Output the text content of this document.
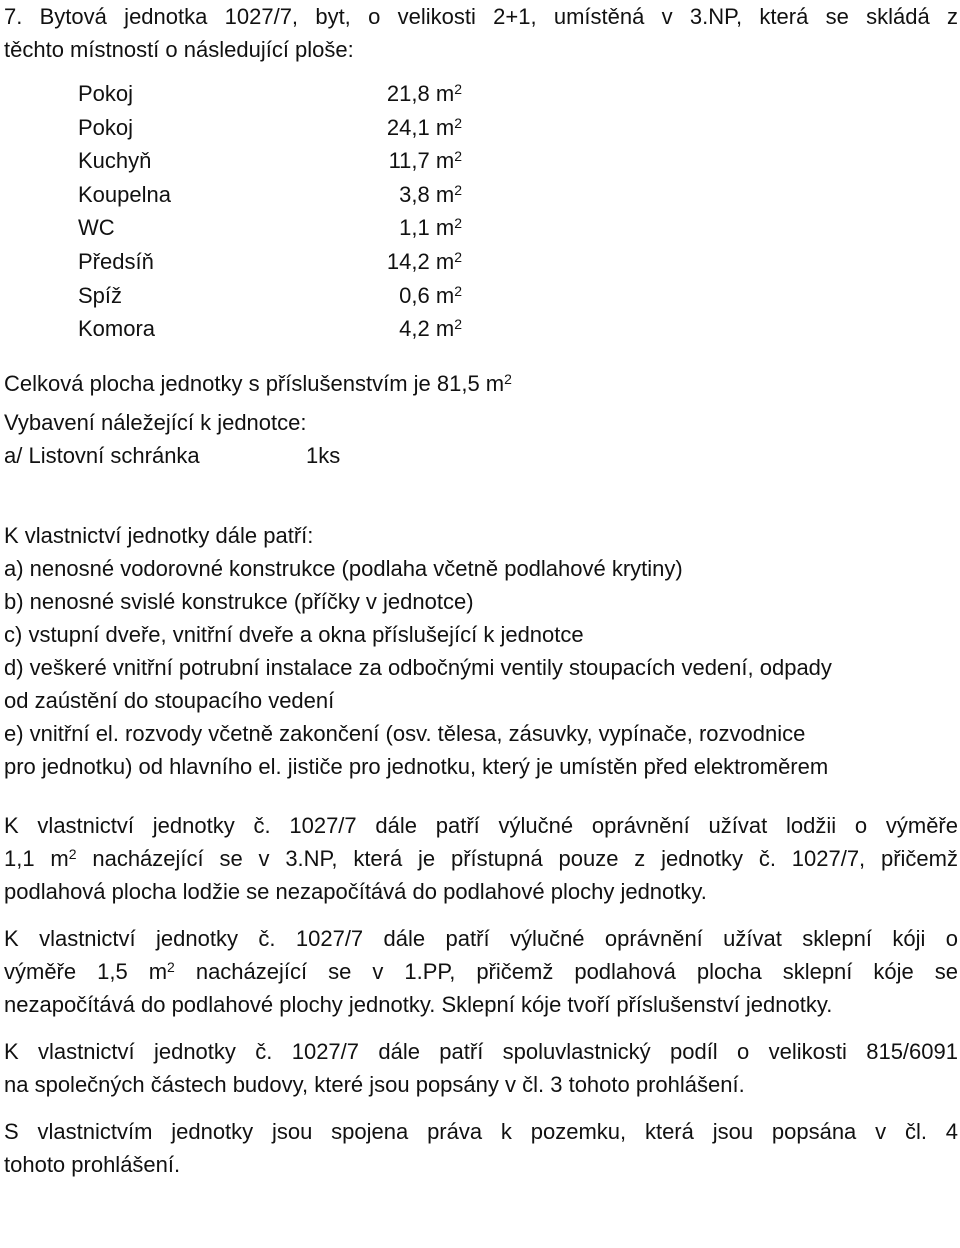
7. Bytová jednotka 1027/7, byt, o velikosti 2+1, umístěná v 3.NP, která se skládá z
těchto místností o následující ploše:
Pokoj	21,8 $m^2$
Pokoj	24,1 $m^2$
Kuchyň	11,7 $m^2$
Koupelna	3,8 $m^2$
WC	1,1 $m^2$
Předsíň	14,2 $m^2$
Spíž	0,6 $m^2$
Komora	4,2 $m^2$
Celková plocha jednotky s příslušenstvím je 81,5 $m^2$
Vybavení náležející k jednotce:
a/ Listovní schránka	1ks
K vlastnictví jednotky dále patří:
a) nenosné vodorovné konstrukce (podlaha včetně podlahové krytiny)
b) nenosné svislé konstrukce (příčky v jednotce)
c) vstupní dveře, vnitřní dveře a okna příslušející k jednotce
d) veškeré vnitřní potrubní instalace za odbočnými ventily stoupacích vedení, odpady
od zaústění do stoupacího vedení
e) vnitřní el. rozvody včetně zakončení (osv. tělesa, zásuvky, vypínače, rozvodnice
pro jednotku) od hlavního el. jističe pro jednotku, který je umístěn před elektroměrem
K vlastnictví jednotky č. 1027/7 dále patří výlučné oprávnění užívat lodžii o výměře
1,1 $m^2$ nacházející se v 3.NP, která je přístupná pouze z jednotky č. 1027/7, přičemž
podlahová plocha lodžie se nezapočítává do podlahové plochy jednotky.
K vlastnictví jednotky č. 1027/7 dále patří výlučné oprávnění užívat sklepní kóji o
výměře 1,5 $m^2$ nacházející se v 1.PP, přičemž podlahová plocha sklepní kóje se
nezapočítává do podlahové plochy jednotky. Sklepní kóje tvoří příslušenství jednotky.
K vlastnictví jednotky č. 1027/7 dále patří spoluvlastnický podíl o velikosti 815/6091
na společných částech budovy, které jsou popsány v čl. 3 tohoto prohlášení.
S vlastnictvím jednotky jsou spojena práva k pozemku, která jsou popsána v čl. 4
tohoto prohlášení.
